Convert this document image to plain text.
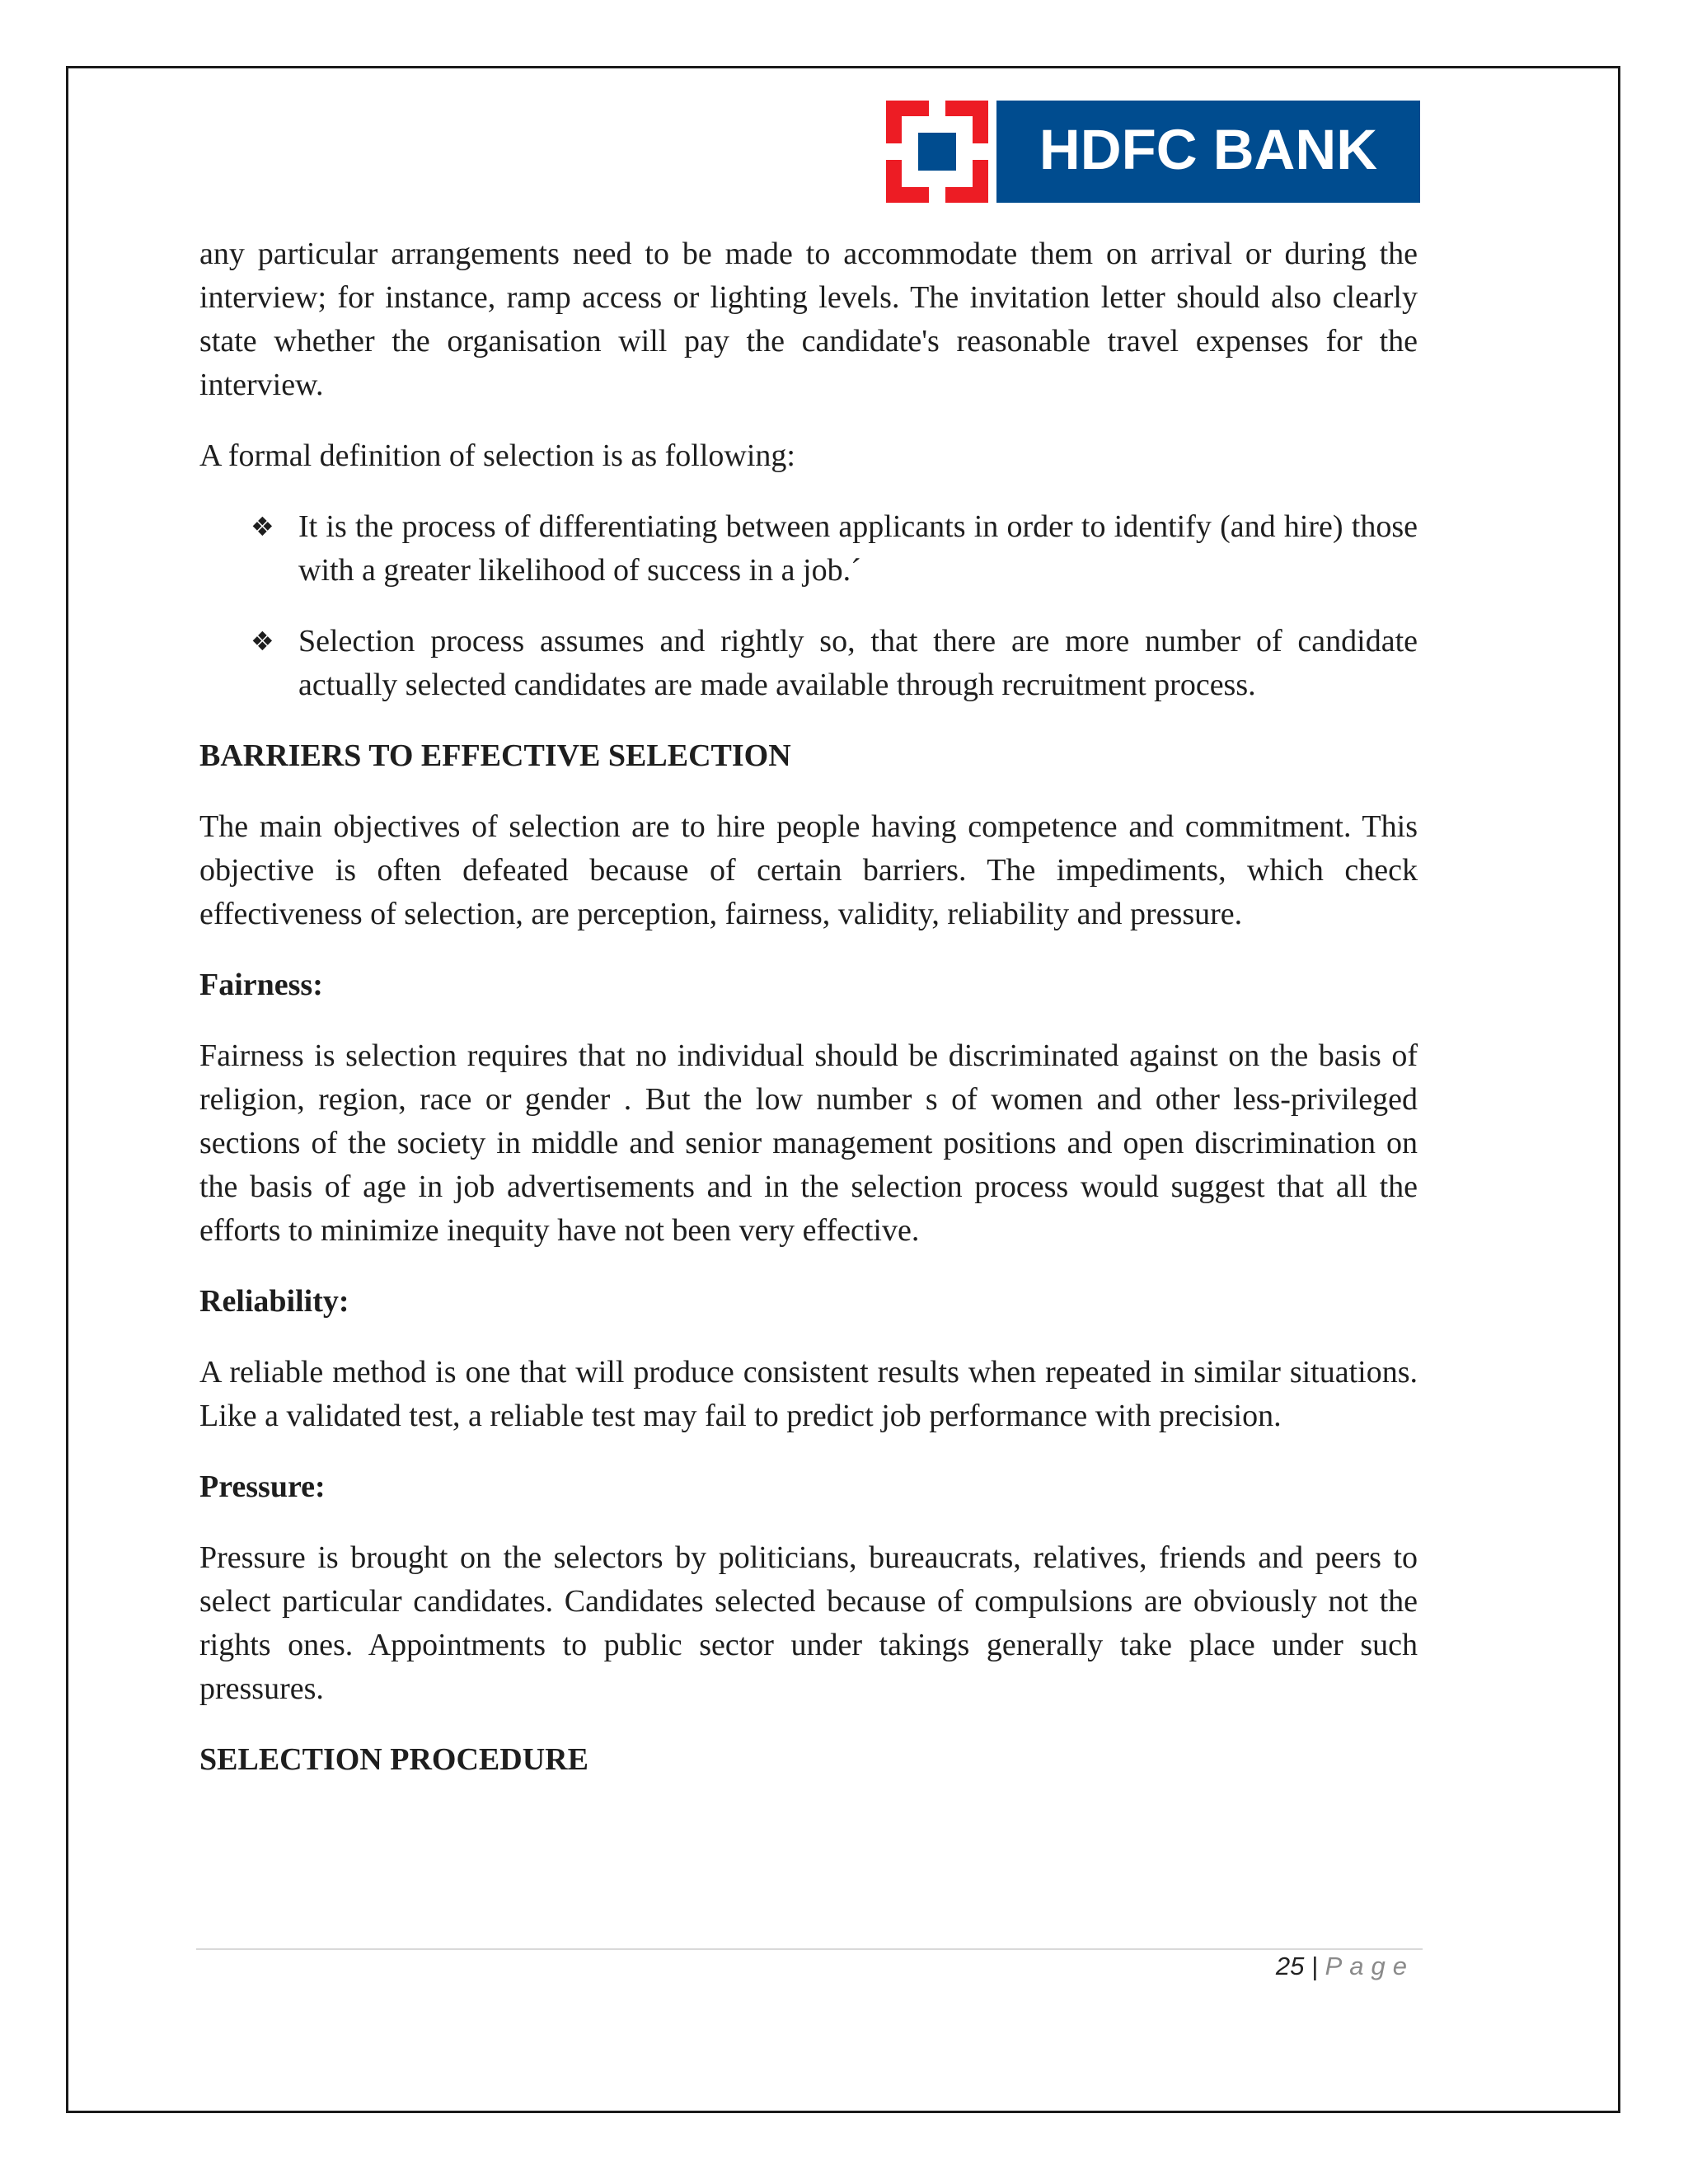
HDFC BANK

any particular arrangements need to be made to accommodate them on arrival or during the interview; for instance, ramp access or lighting levels. The invitation letter should also clearly state whether the organisation will pay the candidate's reasonable travel expenses for the interview.

A formal definition of selection is as following:

❖ It is the process of differentiating between applicants in order to identify (and hire) those with a greater likelihood of success in a job.´
❖ Selection process assumes and rightly so, that there are more number of candidate actually selected candidates are made available through recruitment process.
BARRIERS TO EFFECTIVE SELECTION

The main objectives of selection are to hire people having competence and commitment. This objective is often defeated because of certain barriers. The impediments, which check effectiveness of selection, are perception, fairness, validity, reliability and pressure.

Fairness:

Fairness is selection requires that no individual should be discriminated against on the basis of religion, region, race or gender . But the low number s of women and other less-privileged sections of the society in middle and senior management positions and open discrimination on the basis of age in job advertisements and in the selection process would suggest that all the efforts to minimize inequity have not been very effective.

Reliability:

A reliable method is one that will produce consistent results when repeated in similar situations. Like a validated test, a reliable test may fail to predict job performance with precision.

Pressure:

Pressure is brought on the selectors by politicians, bureaucrats, relatives, friends and peers to select particular candidates. Candidates selected because of compulsions are obviously not the rights ones. Appointments to public sector under takings generally take place under such pressures.

SELECTION PROCEDURE
25 | Page
